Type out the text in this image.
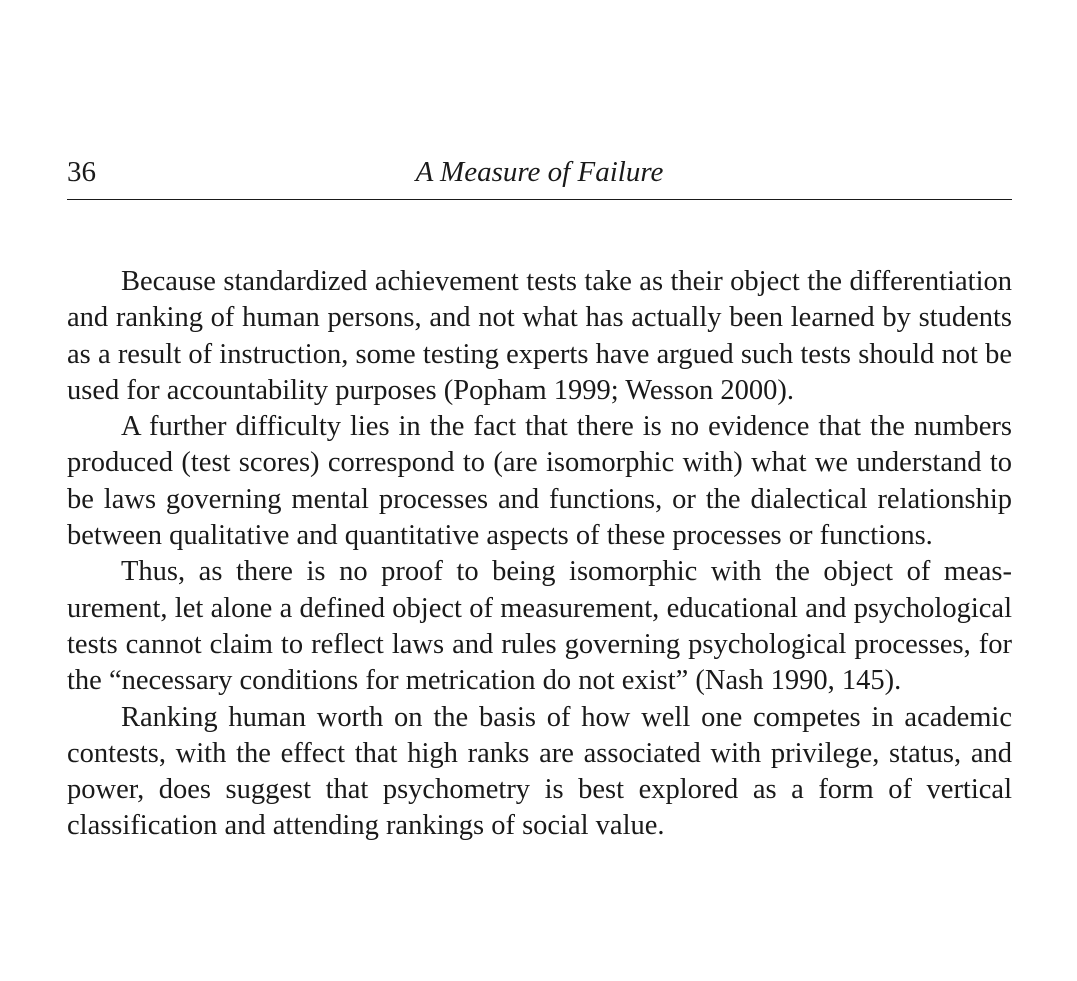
36	A Measure of Failure

Because standardized achievement tests take as their object the differentiation and ranking of human persons, and not what has actually been learned by students as a result of instruction, some testing experts have argued such tests should not be used for accountability purposes (Popham 1999; Wesson 2000).

A further difficulty lies in the fact that there is no evidence that the numbers produced (test scores) correspond to (are isomorphic with) what we understand to be laws governing mental processes and functions, or the dialectical relationship between qualitative and quantitative aspects of these processes or functions.

Thus, as there is no proof to being isomorphic with the object of measurement, let alone a defined object of measurement, educational and psychological tests cannot claim to reflect laws and rules governing psychological processes, for the “necessary conditions for metrication do not exist” (Nash 1990, 145).

Ranking human worth on the basis of how well one competes in academic contests, with the effect that high ranks are associated with privilege, status, and power, does suggest that psychometry is best explored as a form of vertical classification and attending rankings of social value.
